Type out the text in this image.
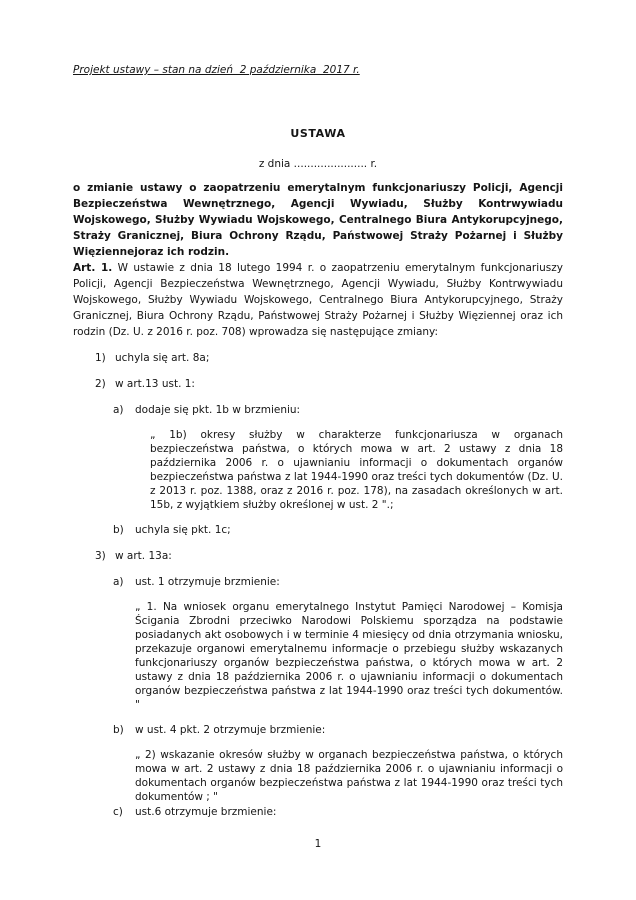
Projekt ustawy – stan na dzień  2 października  2017 r.
USTAWA
z dnia ...................... r.
o zmianie ustawy o zaopatrzeniu emerytalnym funkcjonariuszy Policji, Agencji Bezpieczeństwa Wewnętrznego, Agencji Wywiadu, Służby Kontrwywiadu Wojskowego, Służby Wywiadu Wojskowego, Centralnego Biura Antykorupcyjnego, Straży Granicznej, Biura Ochrony Rządu, Państwowej Straży Pożarnej i Służby Więziennejoraz ich rodzin.
Art. 1. W ustawie z dnia 18 lutego 1994 r. o zaopatrzeniu emerytalnym funkcjonariuszy Policji, Agencji Bezpieczeństwa Wewnętrznego, Agencji Wywiadu, Służby Kontrwywiadu Wojskowego, Służby Wywiadu Wojskowego, Centralnego Biura Antykorupcyjnego, Straży Granicznej, Biura Ochrony Rządu, Państwowej Straży Pożarnej i Służby Więziennej oraz ich rodzin (Dz. U. z 2016 r. poz. 708) wprowadza się następujące zmiany:
1) uchyla się art. 8a;
2) w art.13 ust. 1:
a) dodaje się pkt. 1b w brzmieniu:
„ 1b) okresy służby w charakterze funkcjonariusza w organach bezpieczeństwa państwa, o których mowa w art. 2 ustawy z dnia 18 października 2006 r. o ujawnianiu informacji o dokumentach organów bezpieczeństwa państwa z lat 1944-1990 oraz treści tych dokumentów (Dz. U. z 2013 r. poz. 1388, oraz z 2016 r. poz. 178), na zasadach określonych w art. 15b, z wyjątkiem służby określonej w ust. 2 ".;
b) uchyla się pkt. 1c;
3) w art. 13a:
a) ust. 1 otrzymuje brzmienie:
„ 1. Na wniosek organu emerytalnego Instytut Pamięci Narodowej – Komisja Ścigania Zbrodni przeciwko Narodowi Polskiemu sporządza na podstawie posiadanych akt osobowych i w terminie 4 miesięcy od dnia otrzymania wniosku, przekazuje organowi emerytalnemu informacje o przebiegu służby wskazanych funkcjonariuszy organów bezpieczeństwa państwa, o których mowa w art. 2 ustawy z dnia 18 października 2006 r. o ujawnianiu informacji o dokumentach organów bezpieczeństwa państwa z lat 1944-1990 oraz treści tych dokumentów. "
b) w ust. 4 pkt. 2 otrzymuje brzmienie:
„ 2) wskazanie okresów służby w organach bezpieczeństwa państwa, o których mowa w art. 2 ustawy z dnia 18 października 2006 r. o ujawnianiu informacji o dokumentach organów bezpieczeństwa państwa z lat 1944-1990 oraz treści tych dokumentów ; "
c) ust.6 otrzymuje brzmienie:
1
